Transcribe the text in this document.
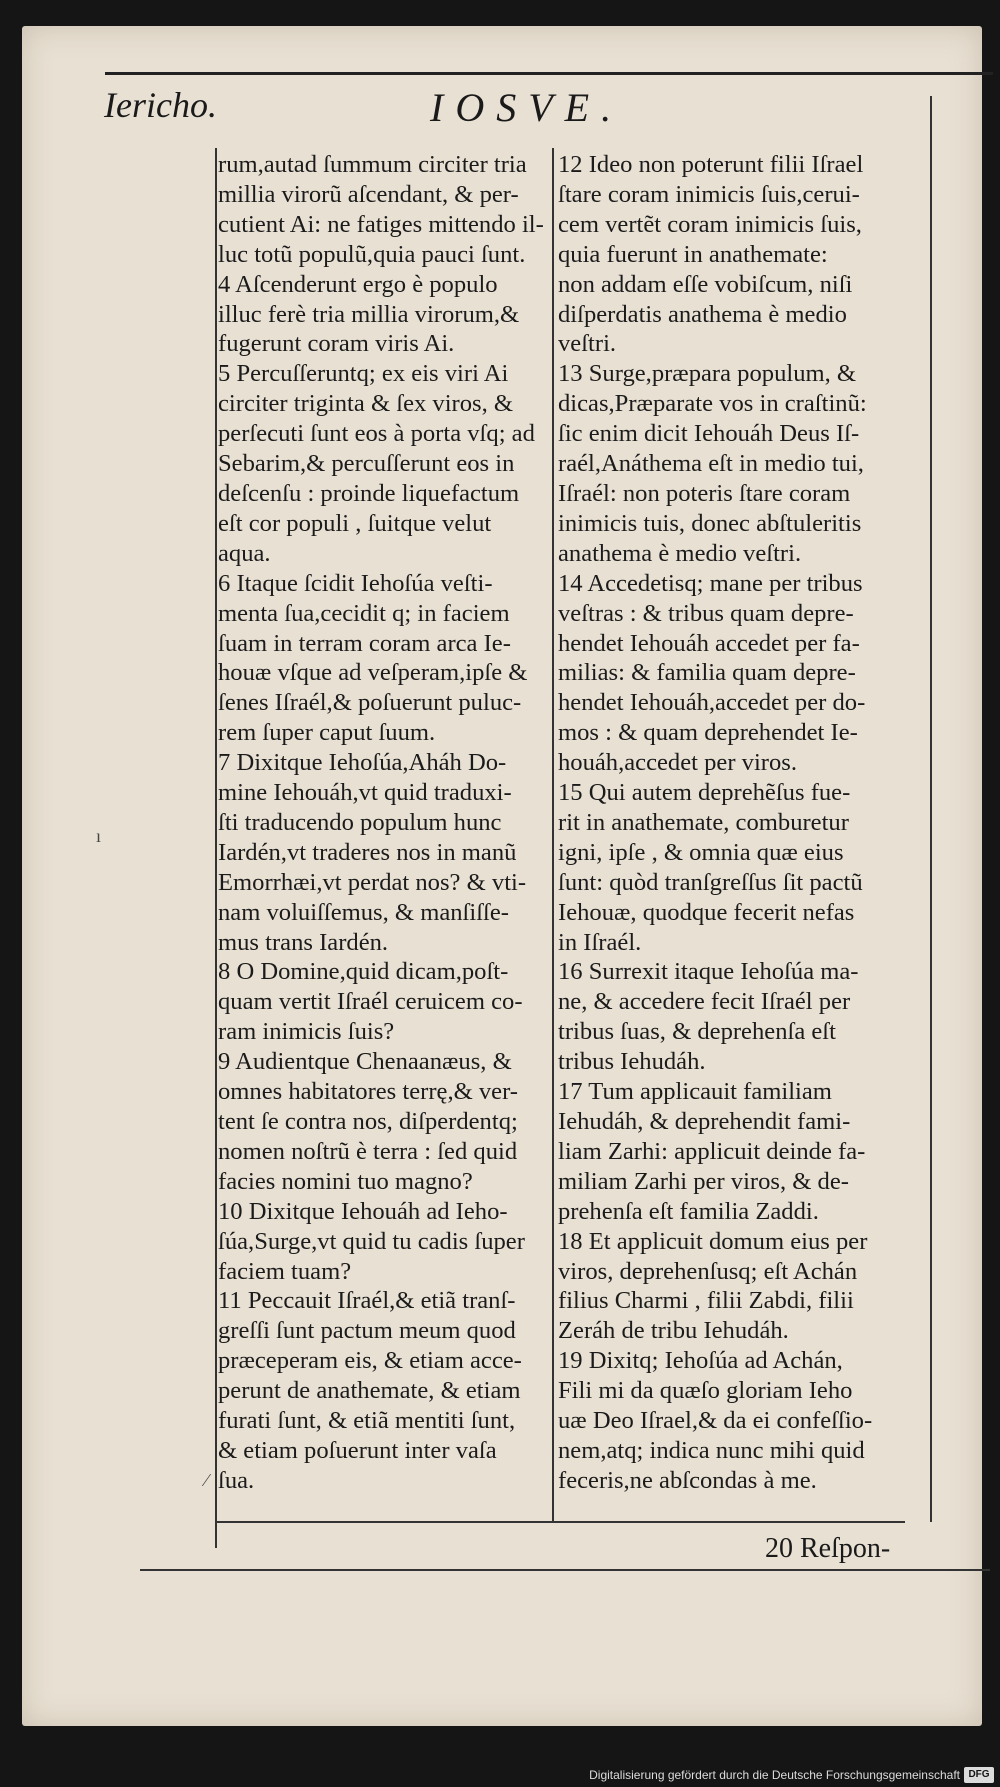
Iericho.	IOSVE.
rum,autad ſummum circiter tria
millia virorũ aſcendant, & per-
cutient Ai: ne fatiges mittendo il-
luc totũ populũ,quia pauci ſunt.
4 Aſcenderunt ergo è populo
illuc ferè tria millia virorum,&
fugerunt coram viris Ai.
5 Percuſſeruntq; ex eis viri Ai
circiter triginta & ſex viros, &
perſecuti ſunt eos à porta vſq; ad
Sebarim,& percuſſerunt eos in
deſcenſu : proinde liquefactum
eſt cor populi , ſuitque velut
aqua.
6 Itaque ſcidit Iehoſúa veſti-
menta ſua,cecidit q; in faciem
ſuam in terram coram arca Ie-
houæ vſque ad veſperam,ipſe &
ſenes Iſraél,& poſuerunt puluc-
rem ſuper caput ſuum.
7 Dixitque Iehoſúa,Aháh Do-
mine Iehouáh,vt quid traduxi-
ſti traducendo populum hunc
Iardén,vt traderes nos in manũ
Emorrhæi,vt perdat nos? & vti-
nam voluiſſemus, & manſiſſe-
mus trans Iardén.
8 O Domine,quid dicam,poſt-
quam vertit Iſraél ceruicem co-
ram inimicis ſuis?
9 Audientque Chenaanæus, &
omnes habitatores terrę,& ver-
tent ſe contra nos, diſperdentq;
nomen noſtrũ è terra : ſed quid
facies nomini tuo magno?
10 Dixitque Iehouáh ad Ieho-
ſúa,Surge,vt quid tu cadis ſuper
faciem tuam?
11 Peccauit Iſraél,& etiã tranſ-
greſſi ſunt pactum meum quod
præceperam eis, & etiam acce-
perunt de anathemate, & etiam
furati ſunt, & etiã mentiti ſunt,
& etiam poſuerunt inter vaſa
ſua.
12 Ideo non poterunt filii Iſrael
ſtare coram inimicis ſuis,cerui-
cem vertẽt coram inimicis ſuis,
quia fuerunt in anathemate:
non addam eſſe vobiſcum, niſi
diſperdatis anathema è medio
veſtri.
13 Surge,præpara populum, &
dicas,Præparate vos in craſtinũ:
ſic enim dicit Iehouáh Deus Iſ-
raél,Anáthema eſt in medio tui,
Iſraél: non poteris ſtare coram
inimicis tuis, donec abſtuleritis
anathema è medio veſtri.
14 Accedetisq; mane per tribus
veſtras : & tribus quam depre-
hendet Iehouáh accedet per fa-
milias: & familia quam depre-
hendet Iehouáh,accedet per do-
mos : & quam deprehendet Ie-
houáh,accedet per viros.
15 Qui autem deprehẽſus fue-
rit in anathemate, comburetur
igni, ipſe , & omnia quæ eius
ſunt: quòd tranſgreſſus ſit pactũ
Iehouæ, quodque fecerit nefas
in Iſraél.
16 Surrexit itaque Iehoſúa ma-
ne, & accedere fecit Iſraél per
tribus ſuas, & deprehenſa eſt
tribus Iehudáh.
17 Tum applicauit familiam
Iehudáh, & deprehendit fami-
liam Zarhi: applicuit deinde fa-
miliam Zarhi per viros, & de-
prehenſa eſt familia Zaddi.
18 Et applicuit domum eius per
viros, deprehenſusq; eſt Achán
filius Charmi , filii Zabdi, filii
Zeráh de tribu Iehudáh.
19 Dixitq; Iehoſúa ad Achán,
Fili mi da quæſo gloriam Ieho
uæ Deo Iſrael,& da ei confeſſio-
nem,atq; indica nunc mihi quid
feceris,ne abſcondas à me.
20 Reſpon-
ı
⁄
Digitalisierung gefördert durch die Deutsche Forschungsgemeinschaft DFG
